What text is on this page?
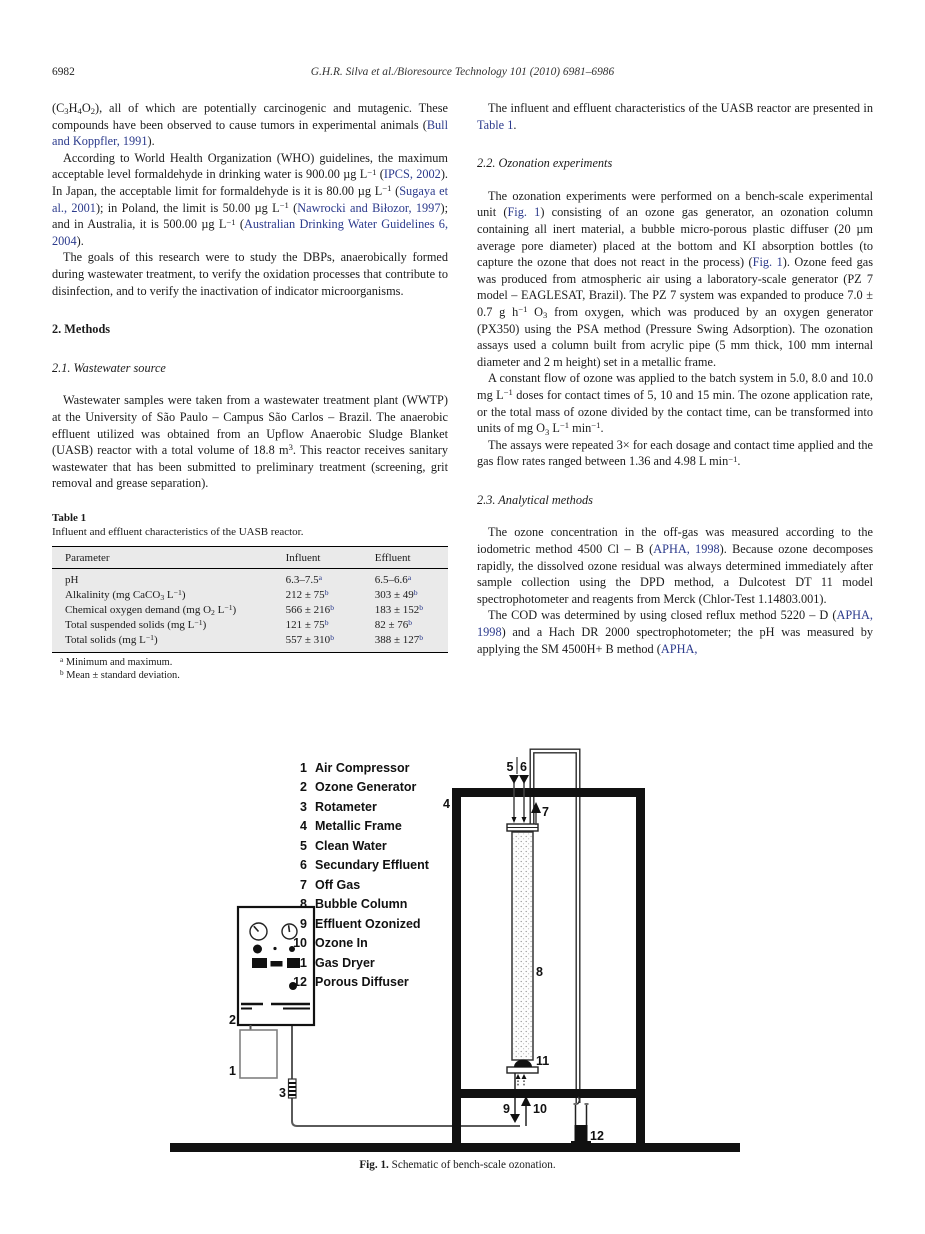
6982	G.H.R. Silva et al./Bioresource Technology 101 (2010) 6981–6986

$(C_3H_4O_2)$, all of which are potentially carcinogenic and mutagenic. These compounds have been observed to cause tumors in experimental animals (Bull and Koppfler, 1991).

According to World Health Organization (WHO) guidelines, the maximum acceptable level formaldehyde in drinking water is 900.00 µg $L^{-1}$ (IPCS, 2002). In Japan, the acceptable limit for formaldehyde is it is 80.00 µg $L^{-1}$ (Sugaya et al., 2001); in Poland, the limit is 50.00 µg $L^{-1}$ (Nawrocki and Biłozor, 1997); and in Australia, it is 500.00 µg $L^{-1}$ (Australian Drinking Water Guidelines 6, 2004).

The goals of this research were to study the DBPs, anaerobically formed during wastewater treatment, to verify the oxidation processes that contribute to disinfection, and to verify the inactivation of indicator microorganisms.

2. Methods
2.1. Wastewater source

Wastewater samples were taken from a wastewater treatment plant (WWTP) at the University of São Paulo – Campus São Carlos – Brazil. The anaerobic effluent utilized was obtained from an Upflow Anaerobic Sludge Blanket (UASB) reactor with a total volume of 18.8 $m^3$. This reactor receives sanitary wastewater that has been submitted to preliminary treatment (screening, grit removal and grease separation).

Table 1
Influent and effluent characteristics of the UASB reactor.
Parameter	Influent	Effluent
pH	6.3–7.5$^a$	6.5–6.6$^a$
Alkalinity (mg CaCO$_3$ $L^{-1}$)	$212 \pm 75^b$	$303 \pm 49^b$
Chemical oxygen demand (mg $O_2$ $L^{-1}$)	$566 \pm 216^b$	$183 \pm 152^b$
Total suspended solids (mg $L^{-1}$)	$121 \pm 75^b$	$82 \pm 76^b$
Total solids (mg $L^{-1}$)	$557 \pm 310^b$	$388 \pm 127^b$
$^a$ Minimum and maximum.
$^b$ Mean ± standard deviation.

The influent and effluent characteristics of the UASB reactor are presented in Table 1.

2.2. Ozonation experiments

The ozonation experiments were performed on a bench-scale experimental unit (Fig. 1) consisting of an ozone gas generator, an ozonation column containing all inert material, a bubble micro-porous plastic diffuser (20 µm average pore diameter) placed at the bottom and KI absorption bottles (to capture the ozone that does not react in the process) (Fig. 1). Ozone feed gas was produced from atmospheric air using a laboratory-scale generator (PZ 7 model – EAGLESAT, Brazil). The PZ 7 system was expanded to produce 7.0 ± 0.7 g $h^{-1}$ $O_3$ from oxygen, which was produced by an oxygen generator (PX350) using the PSA method (Pressure Swing Adsorption). The ozonation assays used a column built from acrylic pipe (5 mm thick, 100 mm internal diameter and 2 m height) set in a metallic frame.

A constant flow of ozone was applied to the batch system in 5.0, 8.0 and 10.0 mg $L^{-1}$ doses for contact times of 5, 10 and 15 min. The ozone application rate, or the total mass of ozone divided by the contact time, can be transformed into units of mg $O_3$ $L^{-1}$ $\min^{-1}$.

The assays were repeated 3× for each dosage and contact time applied and the gas flow rates ranged between 1.36 and 4.98 L $\min^{-1}$.

2.3. Analytical methods

The ozone concentration in the off-gas was measured according to the iodometric method 4500 Cl – B (APHA, 1998). Because ozone decomposes rapidly, the dissolved ozone residual was always determined immediately after sample collection using the DPD method, a Dulcotest DT 11 model spectrophotometer and reagents from Merck (Chlor-Test 1.14803.001).

The COD was determined by using closed reflux method 5220 – D (APHA, 1998) and a Hach DR 2000 spectrophotometer; the pH was measured by applying the SM 4500H+ B method (APHA,

4
5 6
7
8
9 10
11
12
1
2
3
1 Air Compressor
2 Ozone Generator
3 Rotameter
4 Metallic Frame
5 Clean Water
6 Secundary Effluent
7 Off Gas
8 Bubble Column
9 Effluent Ozonized
10 Ozone In
11 Gas Dryer
12 Porous Diffuser
Fig. 1. Schematic of bench-scale ozonation.
